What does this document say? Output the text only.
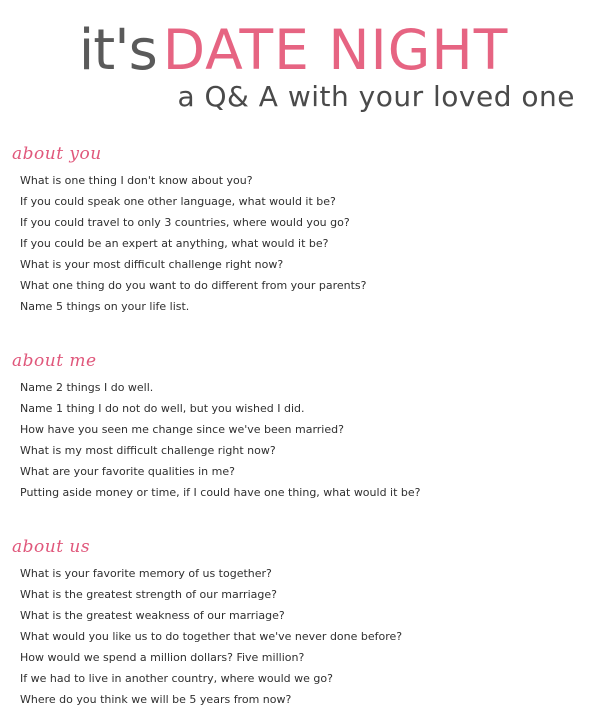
it's DATE NIGHT
a Q& A with your loved one
about you
What is one thing I don't know about you?
If you could speak one other language, what would it be?
If you could travel to only 3 countries, where would you go?
If you could be an expert at anything, what would it be?
What is your most difficult challenge right now?
What one thing do you want to do different from your parents?
Name 5 things on your life list.
about me
Name 2 things I do well.
Name 1 thing I do not do well, but you wished I did.
How have you seen me change since we've been married?
What is my most difficult challenge right now?
What are your favorite qualities in me?
Putting aside money or time, if I could have one thing, what would it be?
about us
What is your favorite memory of us together?
What is the greatest strength of our marriage?
What is the greatest weakness of our marriage?
What would you like us to do together that we've never done before?
How would we spend a million dollars? Five million?
If we had to live in another country, where would we go?
Where do you think we will be 5 years from now?
